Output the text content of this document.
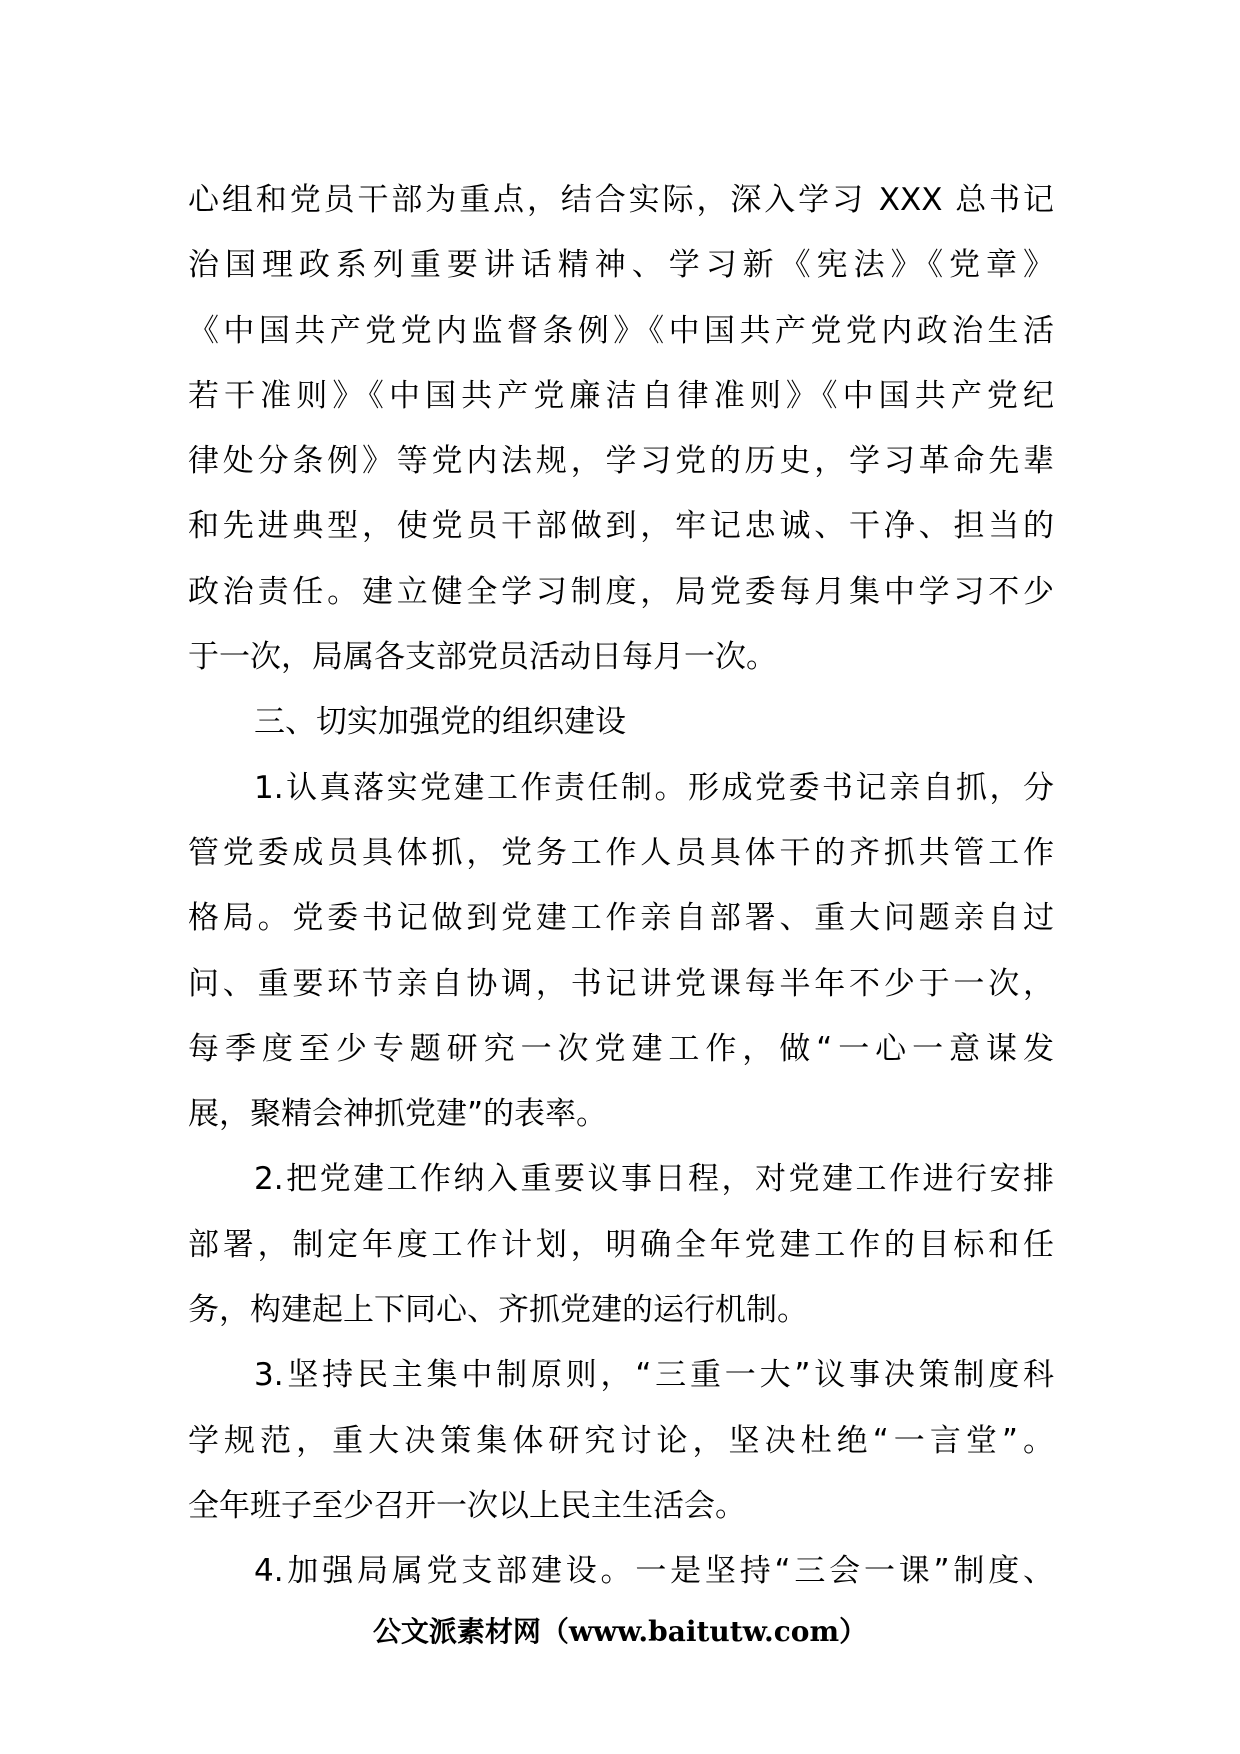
心组和党员干部为重点，结合实际，深入学习 XXX 总书记
治国理政系列重要讲话精神、学习新《宪法》《党章》
《中国共产党党内监督条例》《中国共产党党内政治生活
若干准则》《中国共产党廉洁自律准则》《中国共产党纪
律处分条例》等党内法规，学习党的历史，学习革命先辈
和先进典型，使党员干部做到，牢记忠诚、干净、担当的
政治责任。建立健全学习制度，局党委每月集中学习不少
于一次，局属各支部党员活动日每月一次。
三、切实加强党的组织建设
1.认真落实党建工作责任制。形成党委书记亲自抓，分
管党委成员具体抓，党务工作人员具体干的齐抓共管工作
格局。党委书记做到党建工作亲自部署、重大问题亲自过
问、重要环节亲自协调，书记讲党课每半年不少于一次，
每季度至少专题研究一次党建工作，做“一心一意谋发
展，聚精会神抓党建”的表率。
2.把党建工作纳入重要议事日程，对党建工作进行安排
部署，制定年度工作计划，明确全年党建工作的目标和任
务，构建起上下同心、齐抓党建的运行机制。
3.坚持民主集中制原则，“三重一大”议事决策制度科
学规范，重大决策集体研究讨论，坚决杜绝“一言堂”。
全年班子至少召开一次以上民主生活会。
4.加强局属党支部建设。一是坚持“三会一课”制度、
公文派素材网（www.baitutw.com）
